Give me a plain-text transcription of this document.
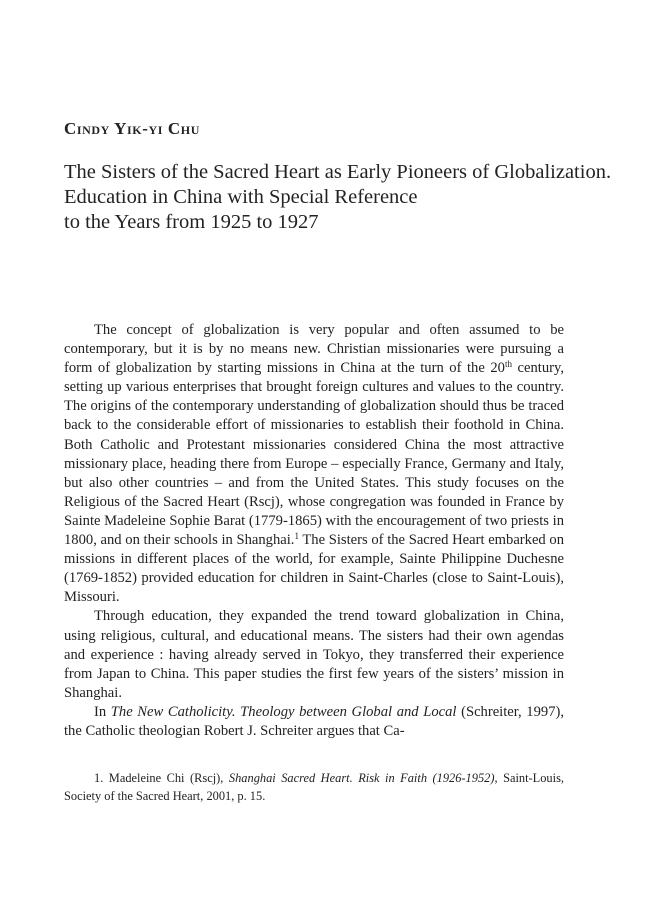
Cindy Yik-yi Chu
The Sisters of the Sacred Heart as Early Pioneers of Globalization.
Education in China with Special Reference
to the Years from 1925 to 1927

The concept of globalization is very popular and often assumed to be contemporary, but it is by no means new. Christian missionaries were pursuing a form of globalization by starting missions in China at the turn of the 20th century, setting up various enterprises that brought foreign cultures and values to the country. The origins of the contemporary understanding of globalization should thus be traced back to the considerable effort of missionaries to establish their foothold in China. Both Catholic and Protestant missionaries considered China the most attractive missionary place, heading there from Europe – especially France, Germany and Italy, but also other countries – and from the United States. This study focuses on the Religious of the Sacred Heart (Rscj), whose congregation was founded in France by Sainte Madeleine Sophie Barat (1779-1865) with the encouragement of two priests in 1800, and on their schools in Shanghai.$^1$ The Sisters of the Sacred Heart embarked on missions in different places of the world, for example, Sainte Philippine Duchesne (1769-1852) provided education for children in Saint-Charles (close to Saint-Louis), Missouri.

Through education, they expanded the trend toward globalization in China, using religious, cultural, and educational means. The sisters had their own agendas and experience : having already served in Tokyo, they transferred their experience from Japan to China. This paper studies the first few years of the sisters’ mission in Shanghai.

In The New Catholicity. Theology between Global and Local (Schreiter, 1997), the Catholic theologian Robert J. Schreiter argues that Ca-

1. Madeleine Chi (Rscj), Shanghai Sacred Heart. Risk in Faith (1926-1952), Saint-Louis, Society of the Sacred Heart, 2001, p. 15.
